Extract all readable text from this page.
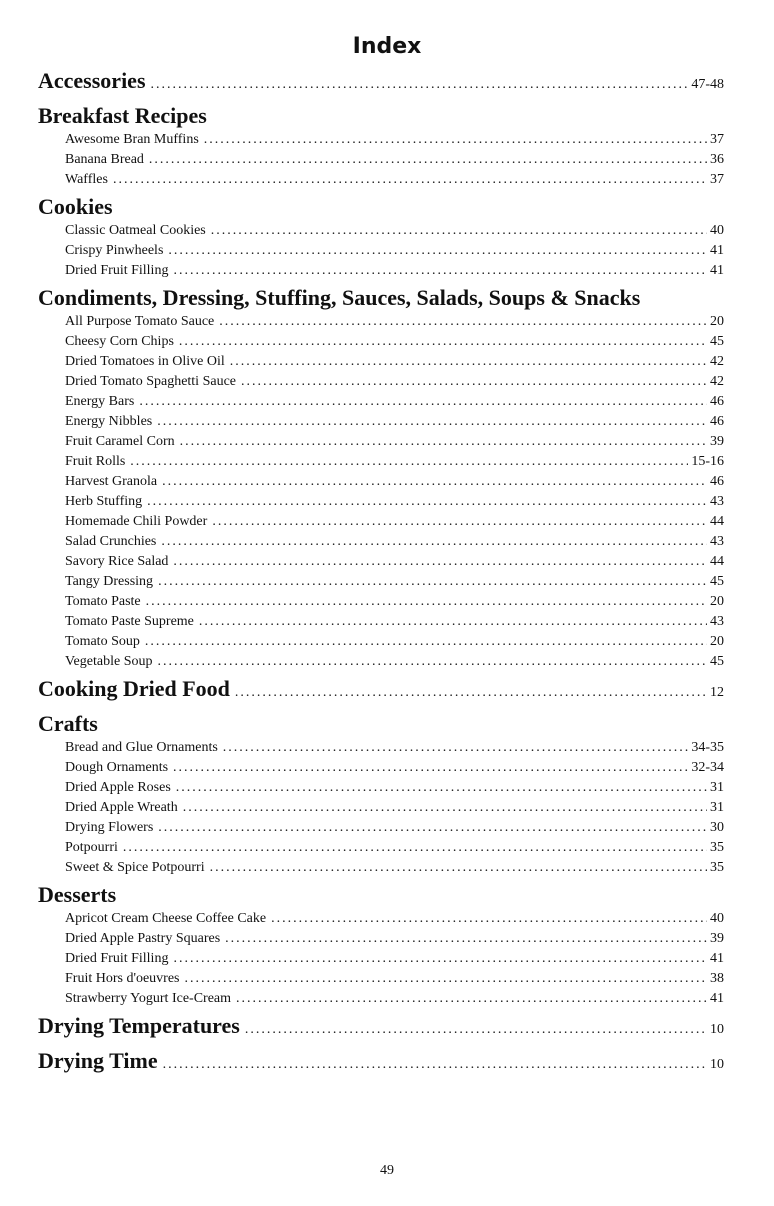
Index
Accessories .....	47-48
Breakfast Recipes
Awesome Bran Muffins .....	37
Banana Bread .....	36
Waffles .....	37
Cookies
Classic Oatmeal Cookies .....	40
Crispy Pinwheels .....	41
Dried Fruit Filling .....	41
Condiments, Dressing, Stuffing, Sauces, Salads, Soups & Snacks
All Purpose Tomato Sauce .....	20
Cheesy Corn Chips .....	45
Dried Tomatoes in Olive Oil .....	42
Dried Tomato Spaghetti Sauce .....	42
Energy Bars .....	46
Energy Nibbles .....	46
Fruit Caramel Corn .....	39
Fruit Rolls .....	15-16
Harvest Granola .....	46
Herb Stuffing .....	43
Homemade Chili Powder .....	44
Salad Crunchies .....	43
Savory Rice Salad .....	44
Tangy Dressing .....	45
Tomato Paste .....	20
Tomato Paste Supreme .....	43
Tomato Soup .....	20
Vegetable Soup .....	45
Cooking Dried Food .....	12
Crafts
Bread and Glue Ornaments .....	34-35
Dough Ornaments .....	32-34
Dried Apple Roses .....	31
Dried Apple Wreath .....	31
Drying Flowers .....	30
Potpourri .....	35
Sweet & Spice Potpourri .....	35
Desserts
Apricot Cream Cheese Coffee Cake .....	40
Dried Apple Pastry Squares .....	39
Dried Fruit Filling .....	41
Fruit Hors d'oeuvres .....	38
Strawberry Yogurt Ice-Cream .....	41
Drying Temperatures .....	10
Drying Time .....	10
49
